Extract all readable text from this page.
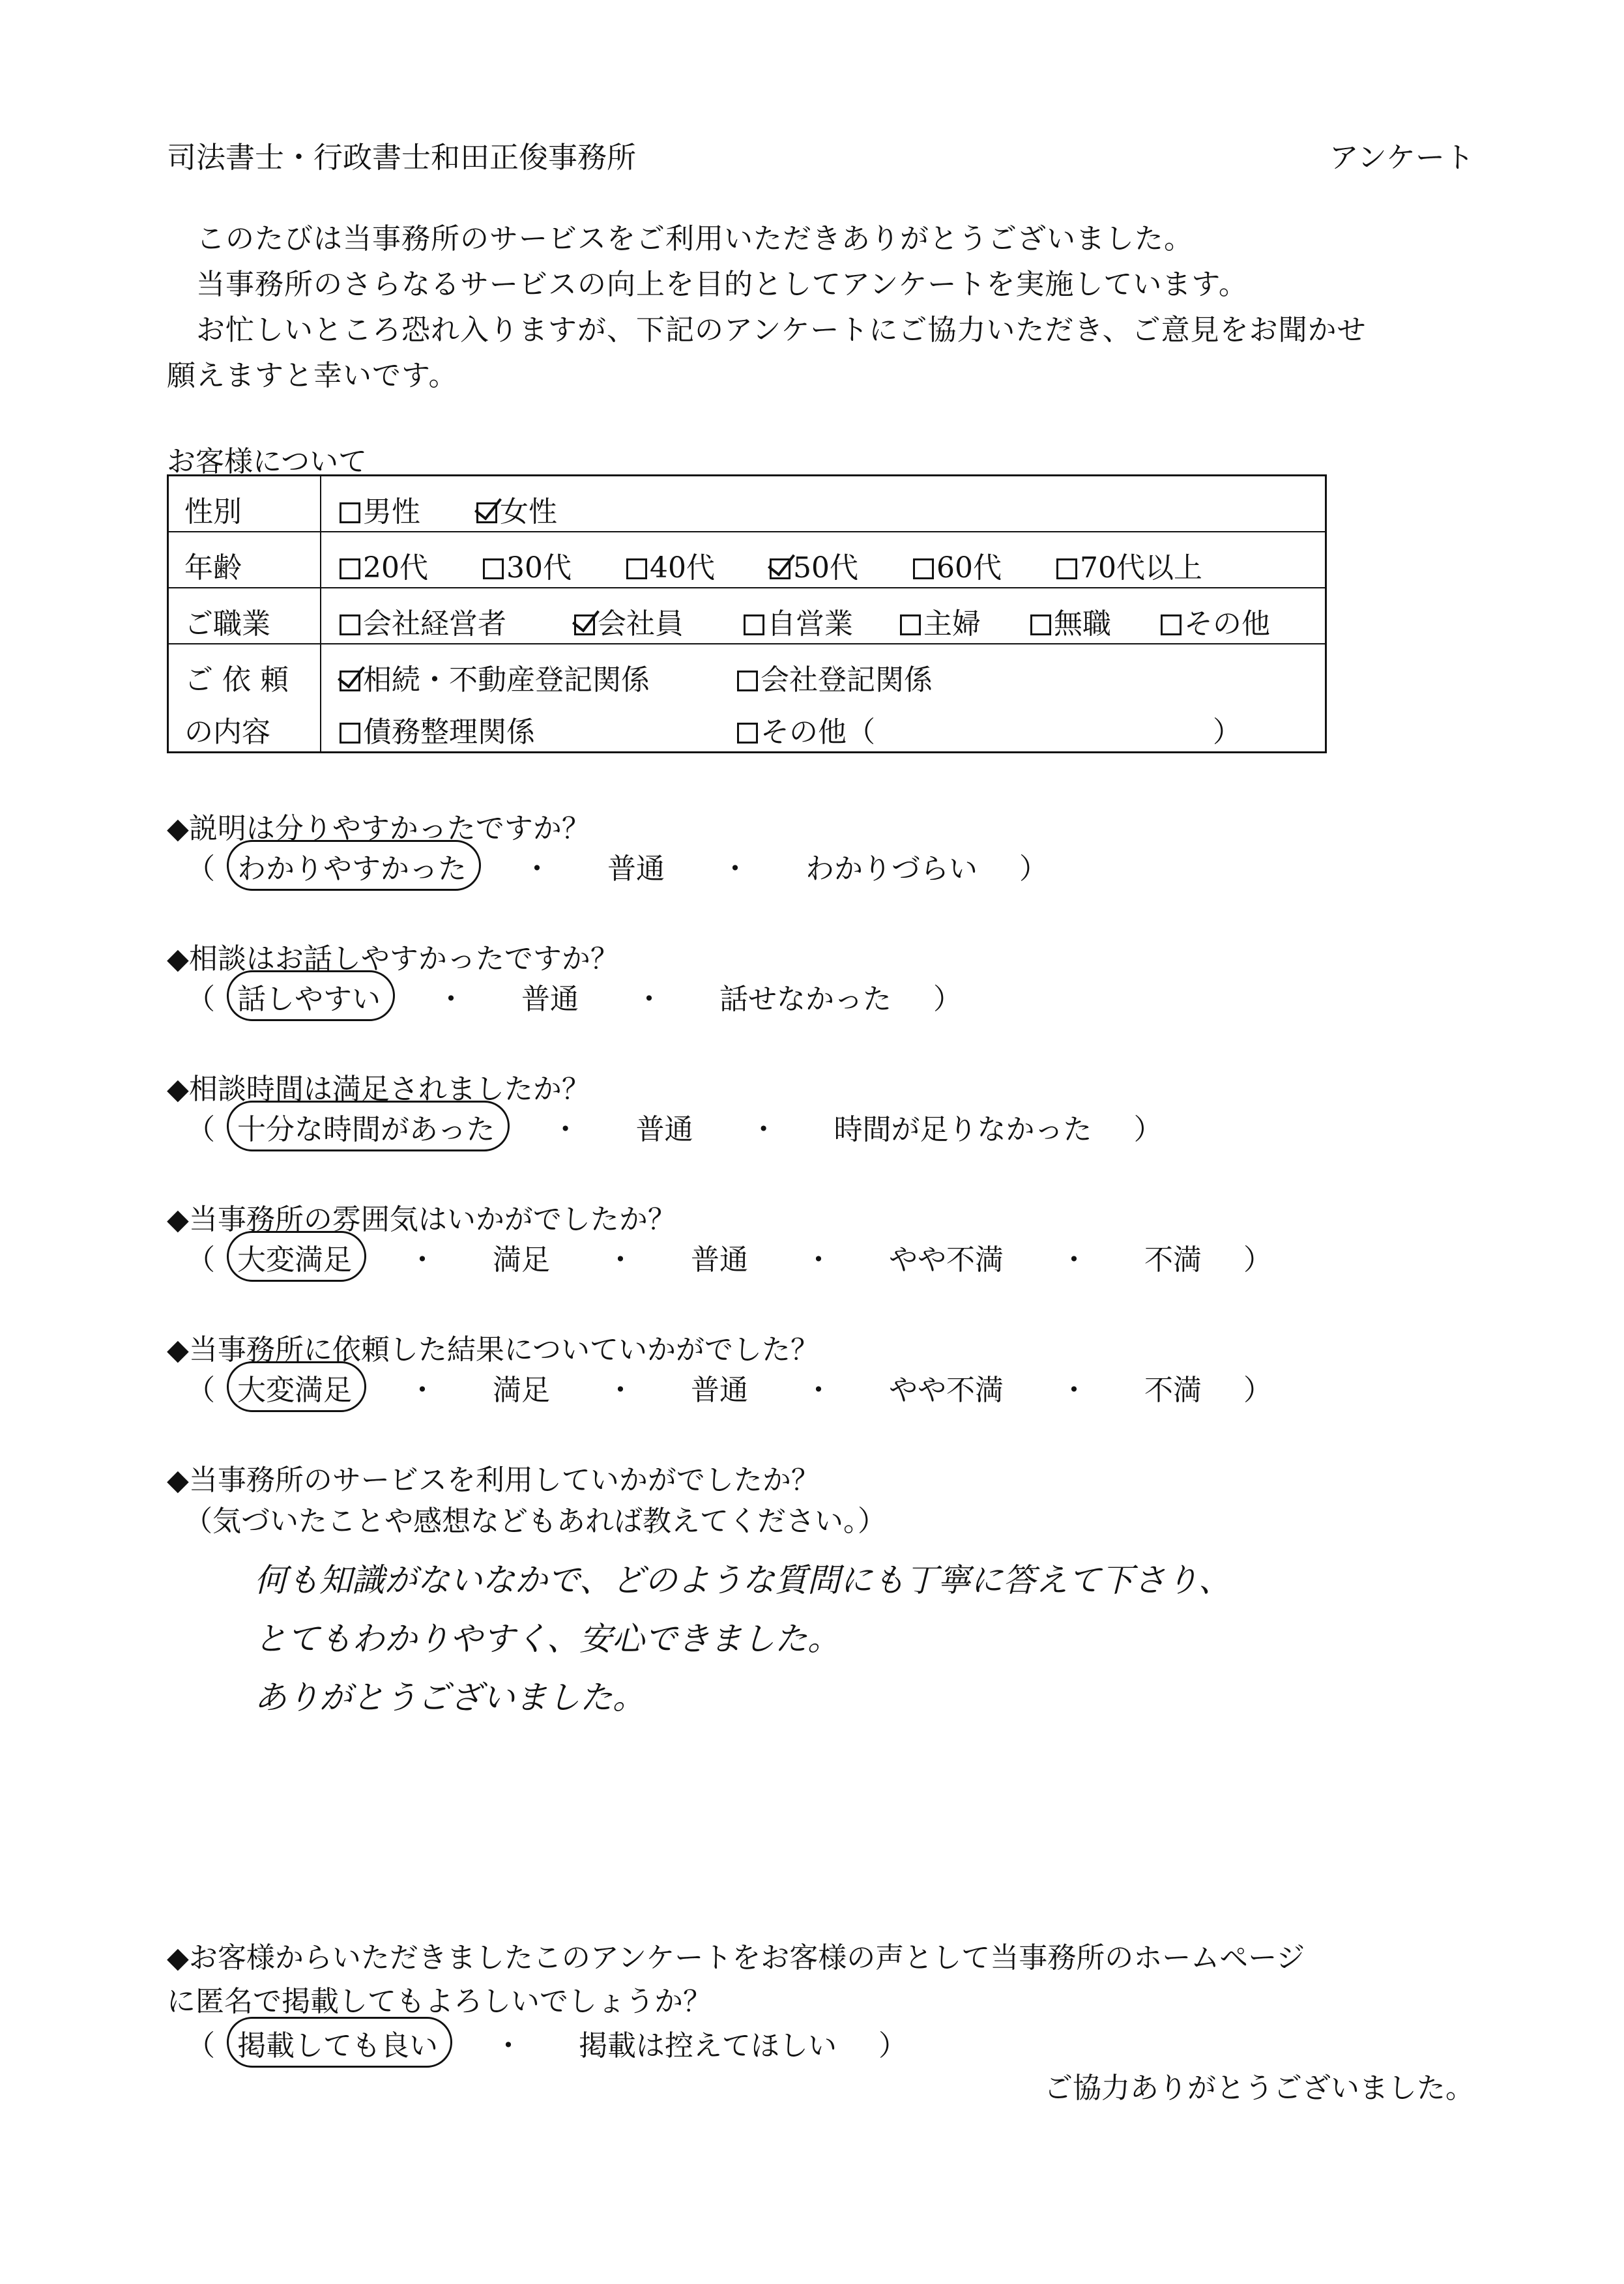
司法書士・行政書士和田正俊事務所	アンケート

　このたびは当事務所のサービスをご利用いただきありがとうございました。

　当事務所のさらなるサービスの向上を目的としてアンケートを実施しています。

　お忙しいところ恐れ入りますが、下記のアンケートにご協力いただき、ご意見をお聞かせ

願えますと幸いです。

お客様について
性別	男性	女性
年齢	20代	30代	40代	50代	60代	70代以上
ご職業	会社経営者	会社員	自営業	主婦	無職	その他
ご依頼
の内容
相続・不動産登記関係	会社登記関係
債務整理関係	その他（	）
◆説明は分りやすかったですか？
（ わかりやすかった ・ 普通 ・ わかりづらい ）
◆相談はお話しやすかったですか？
（ 話しやすい ・ 普通 ・ 話せなかった ）
◆相談時間は満足されましたか？
（ 十分な時間があった ・ 普通 ・ 時間が足りなかった ）
◆当事務所の雰囲気はいかがでしたか？
（ 大変満足 ・ 満足 ・ 普通 ・ やや不満 ・ 不満 ）
◆当事務所に依頼した結果についていかがでした？
（ 大変満足 ・ 満足 ・ 普通 ・ やや不満 ・ 不満 ）
◆当事務所のサービスを利用していかがでしたか？
（気づいたことや感想などもあれば教えてください。）
何も知識がないなかで、どのような質問にも丁寧に答えて下さり、
とてもわかりやすく、安心できました。
ありがとうございました。
◆お客様からいただきましたこのアンケートをお客様の声として当事務所のホームページ
に匿名で掲載してもよろしいでしょうか？
（ 掲載しても良い ・ 掲載は控えてほしい ）
ご協力ありがとうございました。
